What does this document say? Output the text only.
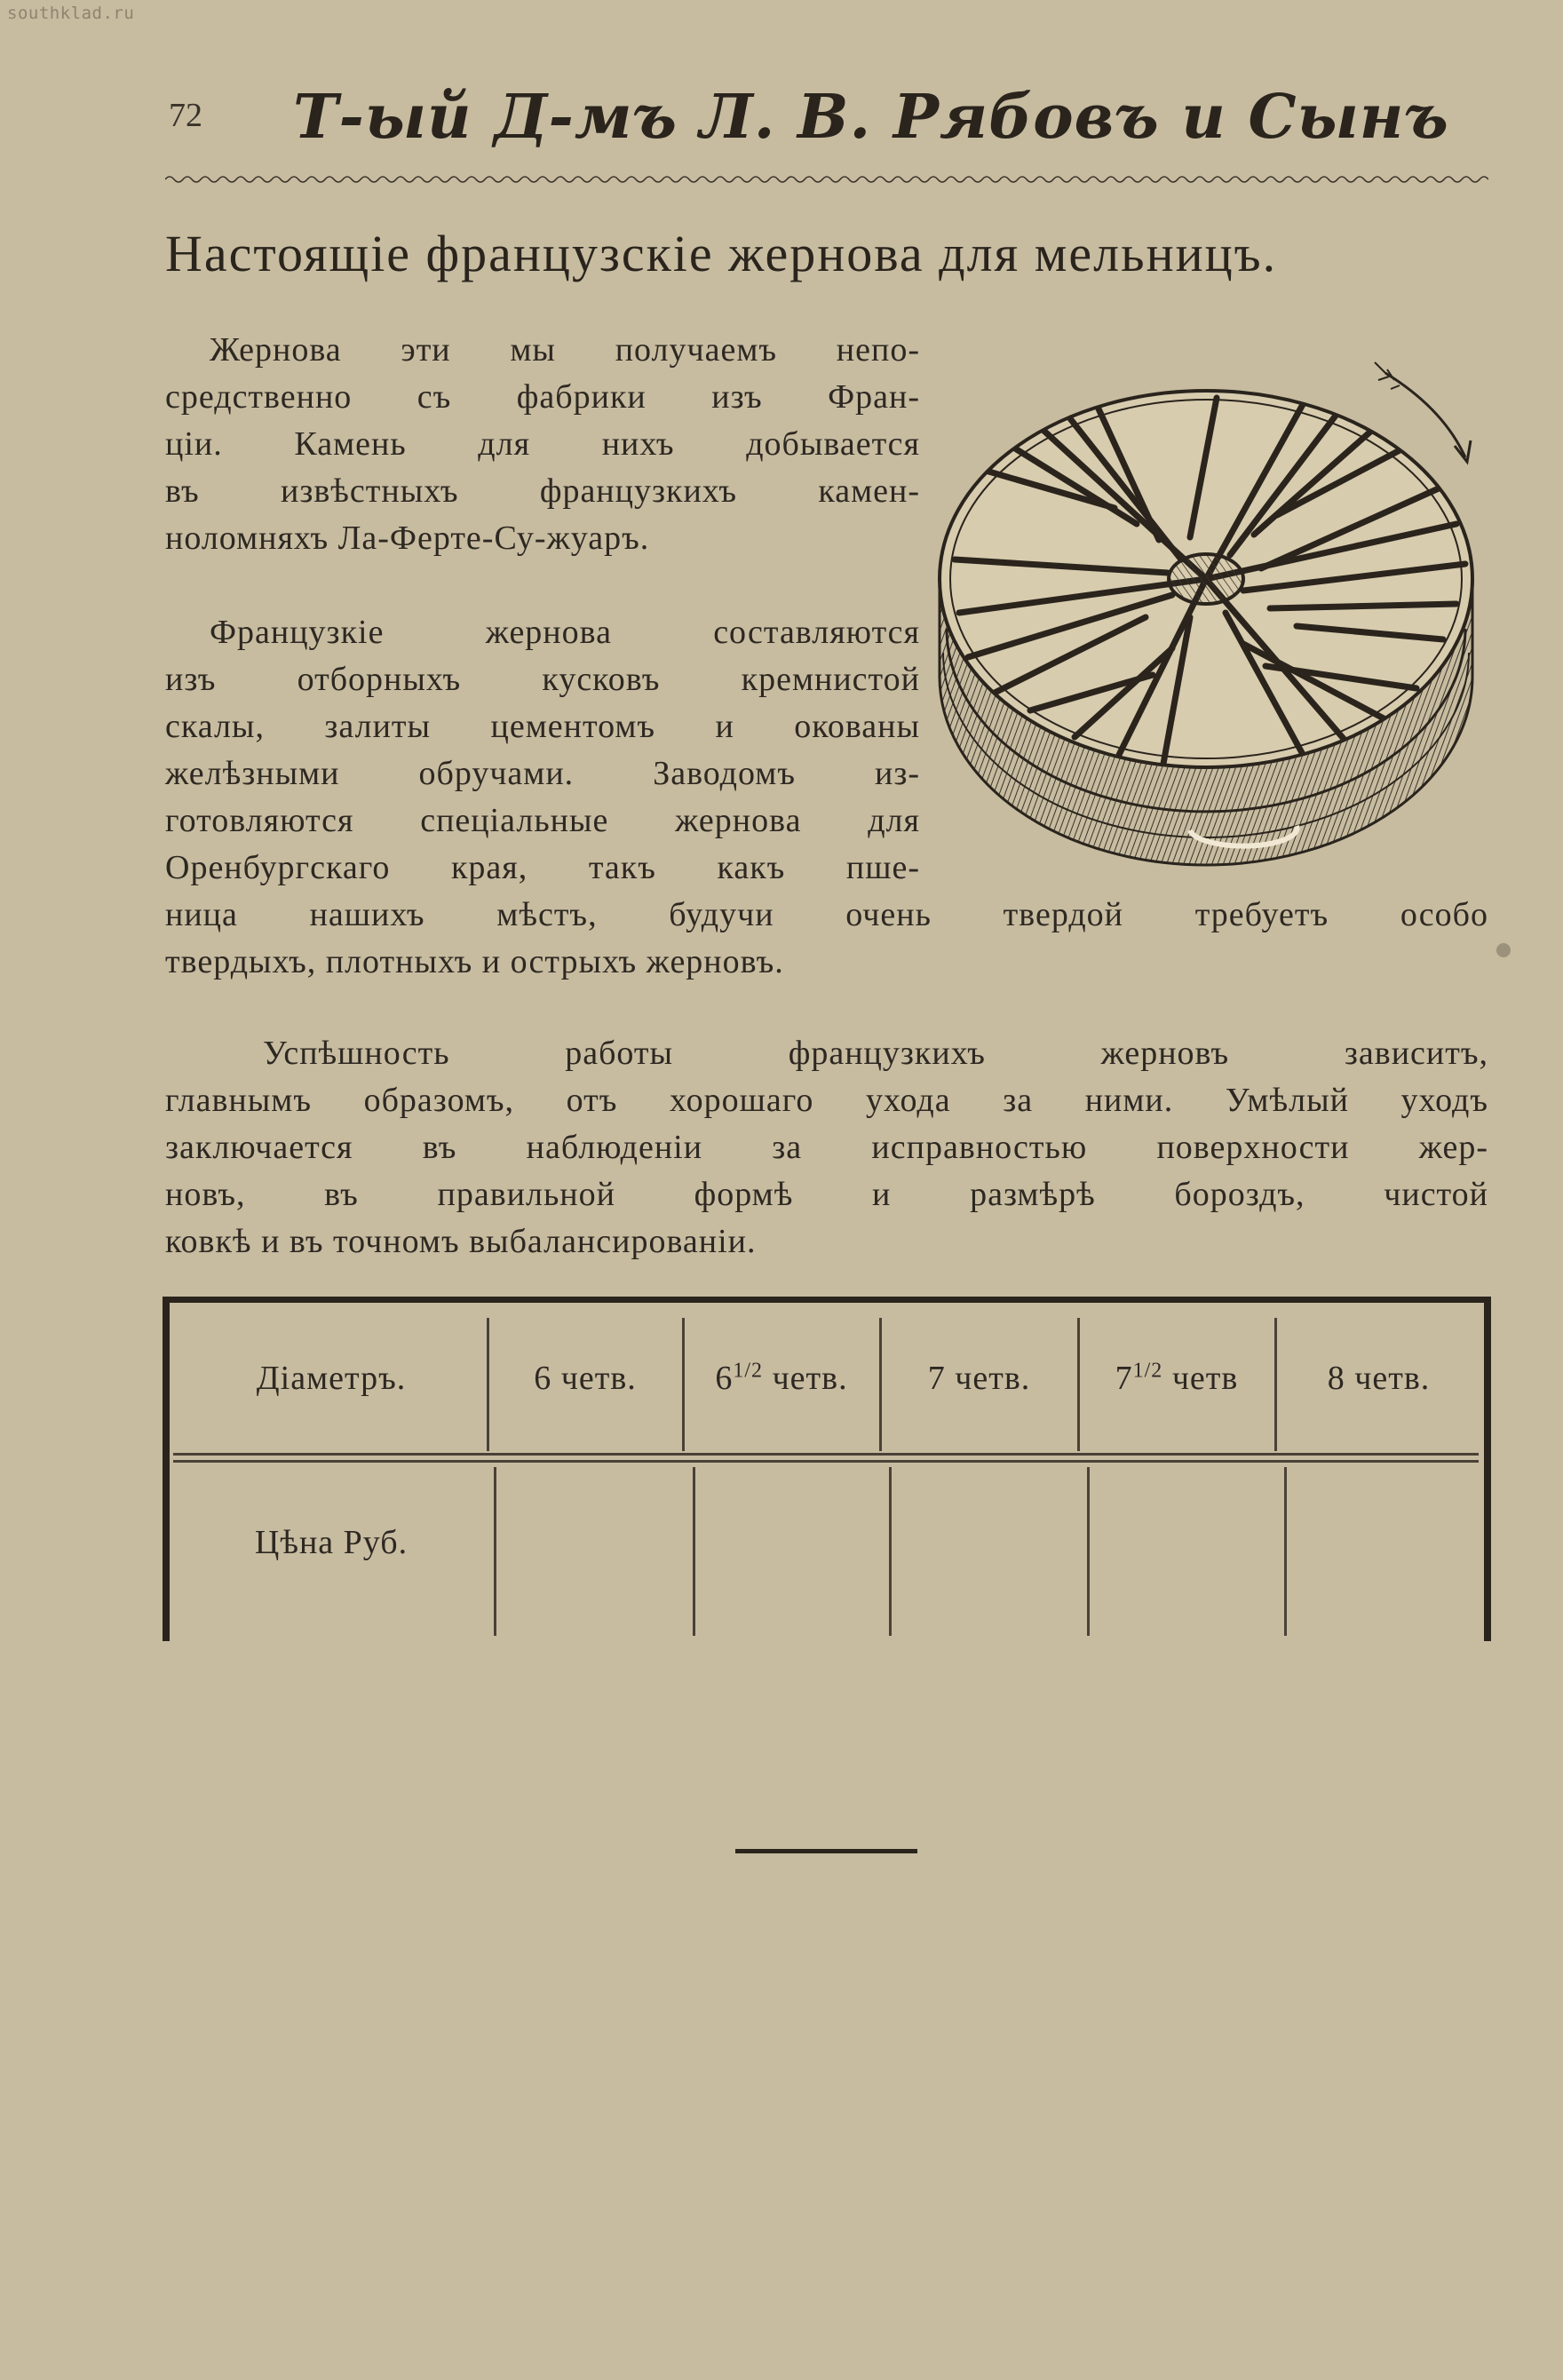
southklad.ru
72 Т-ый Д-мъ Л. В. Рябовъ и Сынъ
Настоящіе французскіе жернова для мельницъ.
Жернова эти мы получаемъ непо-
средственно съ фабрики изъ Фран-
ціи. Камень для нихъ добывается
въ извѣстныхъ французкихъ камен-
ноломняхъ Ла-Ферте-Су-жуаръ.
Французкіе жернова составляются
изъ отборныхъ кусковъ кремнистой
скалы, залиты цементомъ и окованы
желѣзными обручами. Заводомъ из-
готовляются спеціальные жернова для
Оренбургскаго края, такъ какъ пше-
ница нашихъ мѣстъ, будучи очень твердой требуетъ особо
твердыхъ, плотныхъ и острыхъ жерновъ.
Успѣшность работы французкихъ жерновъ зависитъ,
главнымъ образомъ, отъ хорошаго ухода за ними. Умѣлый уходъ
заключается въ наблюденіи за исправностью поверхности жер-
новъ, въ правильной формѣ и размѣрѣ бороздъ, чистой
ковкѣ и въ точномъ выбалансированіи.
Діаметръ.	6 четв.	$6^{1/2}$ четв.	7 четв.	$7^{1/2}$ четв	8 четв.
Цѣна Руб.
